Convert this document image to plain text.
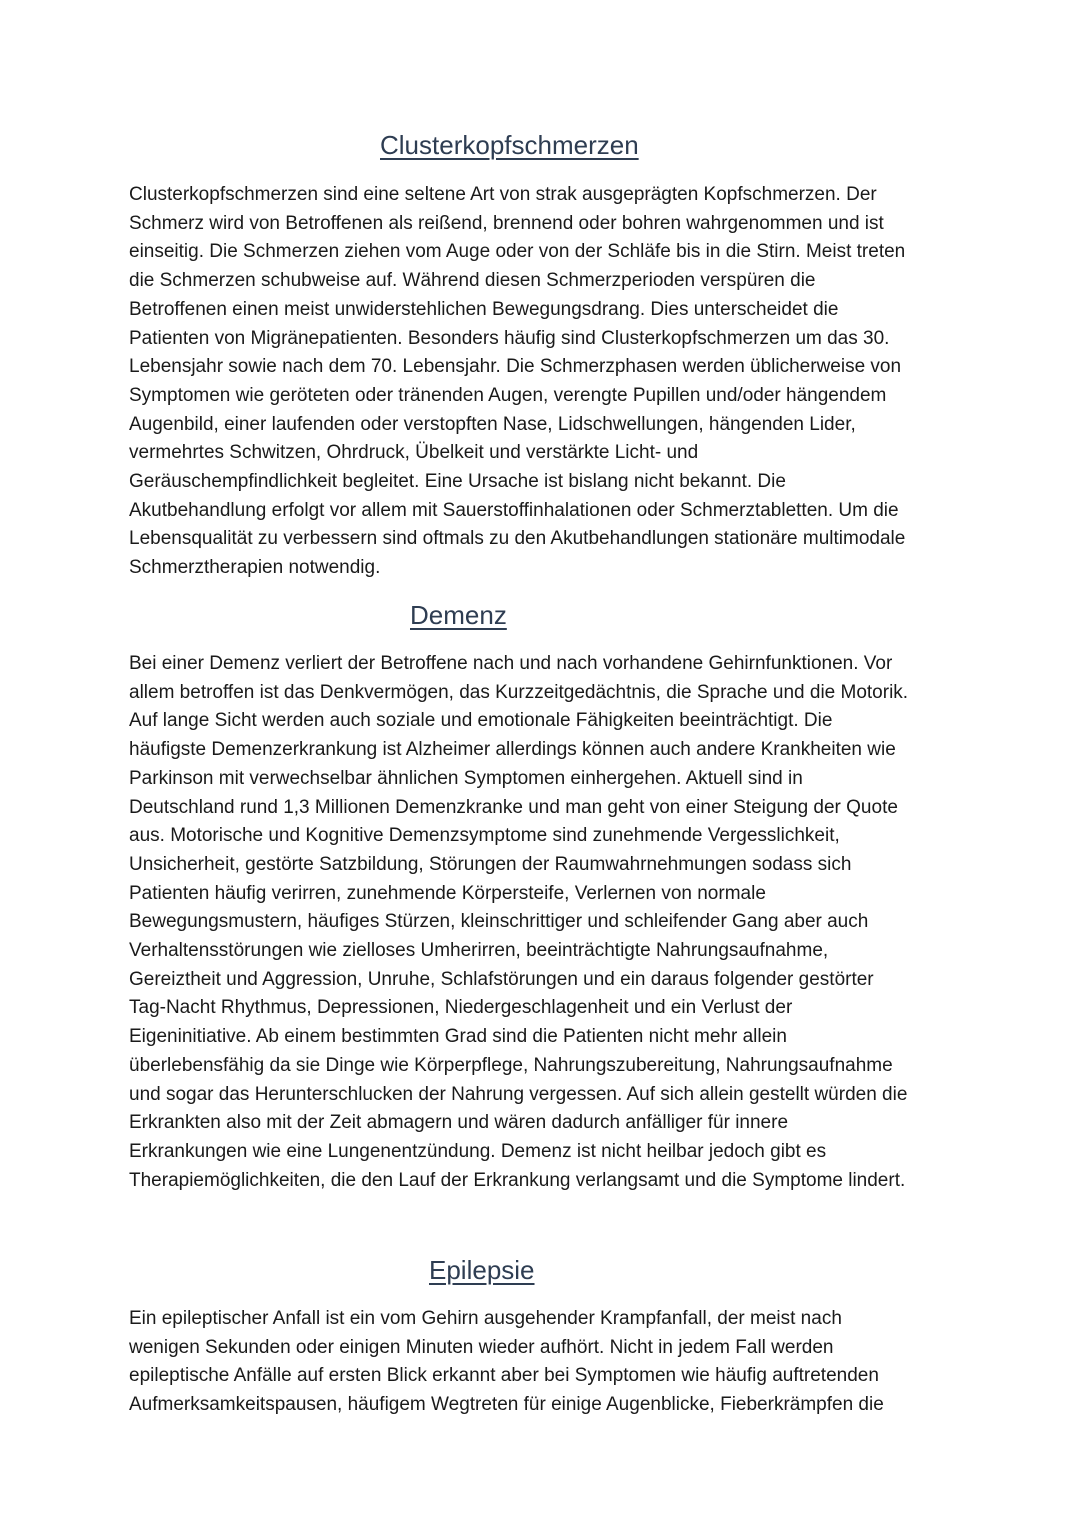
Clusterkopfschmerzen
Clusterkopfschmerzen sind eine seltene Art von strak ausgeprägten Kopfschmerzen. Der
Schmerz wird von Betroffenen als reißend, brennend oder bohren wahrgenommen und ist
einseitig. Die Schmerzen ziehen vom Auge oder von der Schläfe bis in die Stirn. Meist treten
die Schmerzen schubweise auf. Während diesen Schmerzperioden verspüren die
Betroffenen einen meist unwiderstehlichen Bewegungsdrang. Dies unterscheidet die
Patienten von Migränepatienten. Besonders häufig sind Clusterkopfschmerzen um das 30.
Lebensjahr sowie nach dem 70. Lebensjahr. Die Schmerzphasen werden üblicherweise von
Symptomen wie geröteten oder tränenden Augen, verengte Pupillen und/oder hängendem
Augenbild, einer laufenden oder verstopften Nase, Lidschwellungen, hängenden Lider,
vermehrtes Schwitzen, Ohrdruck, Übelkeit und verstärkte Licht- und
Geräuschempfindlichkeit begleitet. Eine Ursache ist bislang nicht bekannt. Die
Akutbehandlung erfolgt vor allem mit Sauerstoffinhalationen oder Schmerztabletten. Um die
Lebensqualität zu verbessern sind oftmals zu den Akutbehandlungen stationäre multimodale
Schmerztherapien notwendig.
Demenz
Bei einer Demenz verliert der Betroffene nach und nach vorhandene Gehirnfunktionen. Vor
allem betroffen ist das Denkvermögen, das Kurzzeitgedächtnis, die Sprache und die Motorik.
Auf lange Sicht werden auch soziale und emotionale Fähigkeiten beeinträchtigt. Die
häufigste Demenzerkrankung ist Alzheimer allerdings können auch andere Krankheiten wie
Parkinson mit verwechselbar ähnlichen Symptomen einhergehen. Aktuell sind in
Deutschland rund 1,3 Millionen Demenzkranke und man geht von einer Steigung der Quote
aus. Motorische und Kognitive Demenzsymptome sind zunehmende Vergesslichkeit,
Unsicherheit, gestörte Satzbildung, Störungen der Raumwahrnehmungen sodass sich
Patienten häufig verirren, zunehmende Körpersteife, Verlernen von normale
Bewegungsmustern, häufiges Stürzen, kleinschrittiger und schleifender Gang aber auch
Verhaltensstörungen wie zielloses Umherirren, beeinträchtigte Nahrungsaufnahme,
Gereiztheit und Aggression, Unruhe, Schlafstörungen und ein daraus folgender gestörter
Tag-Nacht Rhythmus, Depressionen, Niedergeschlagenheit und ein Verlust der
Eigeninitiative. Ab einem bestimmten Grad sind die Patienten nicht mehr allein
überlebensfähig da sie Dinge wie Körperpflege, Nahrungszubereitung, Nahrungsaufnahme
und sogar das Herunterschlucken der Nahrung vergessen. Auf sich allein gestellt würden die
Erkrankten also mit der Zeit abmagern und wären dadurch anfälliger für innere
Erkrankungen wie eine Lungenentzündung. Demenz ist nicht heilbar jedoch gibt es
Therapiemöglichkeiten, die den Lauf der Erkrankung verlangsamt und die Symptome lindert.
Epilepsie
Ein epileptischer Anfall ist ein vom Gehirn ausgehender Krampfanfall, der meist nach
wenigen Sekunden oder einigen Minuten wieder aufhört. Nicht in jedem Fall werden
epileptische Anfälle auf ersten Blick erkannt aber bei Symptomen wie häufig auftretenden
Aufmerksamkeitspausen, häufigem Wegtreten für einige Augenblicke, Fieberkrämpfen die
